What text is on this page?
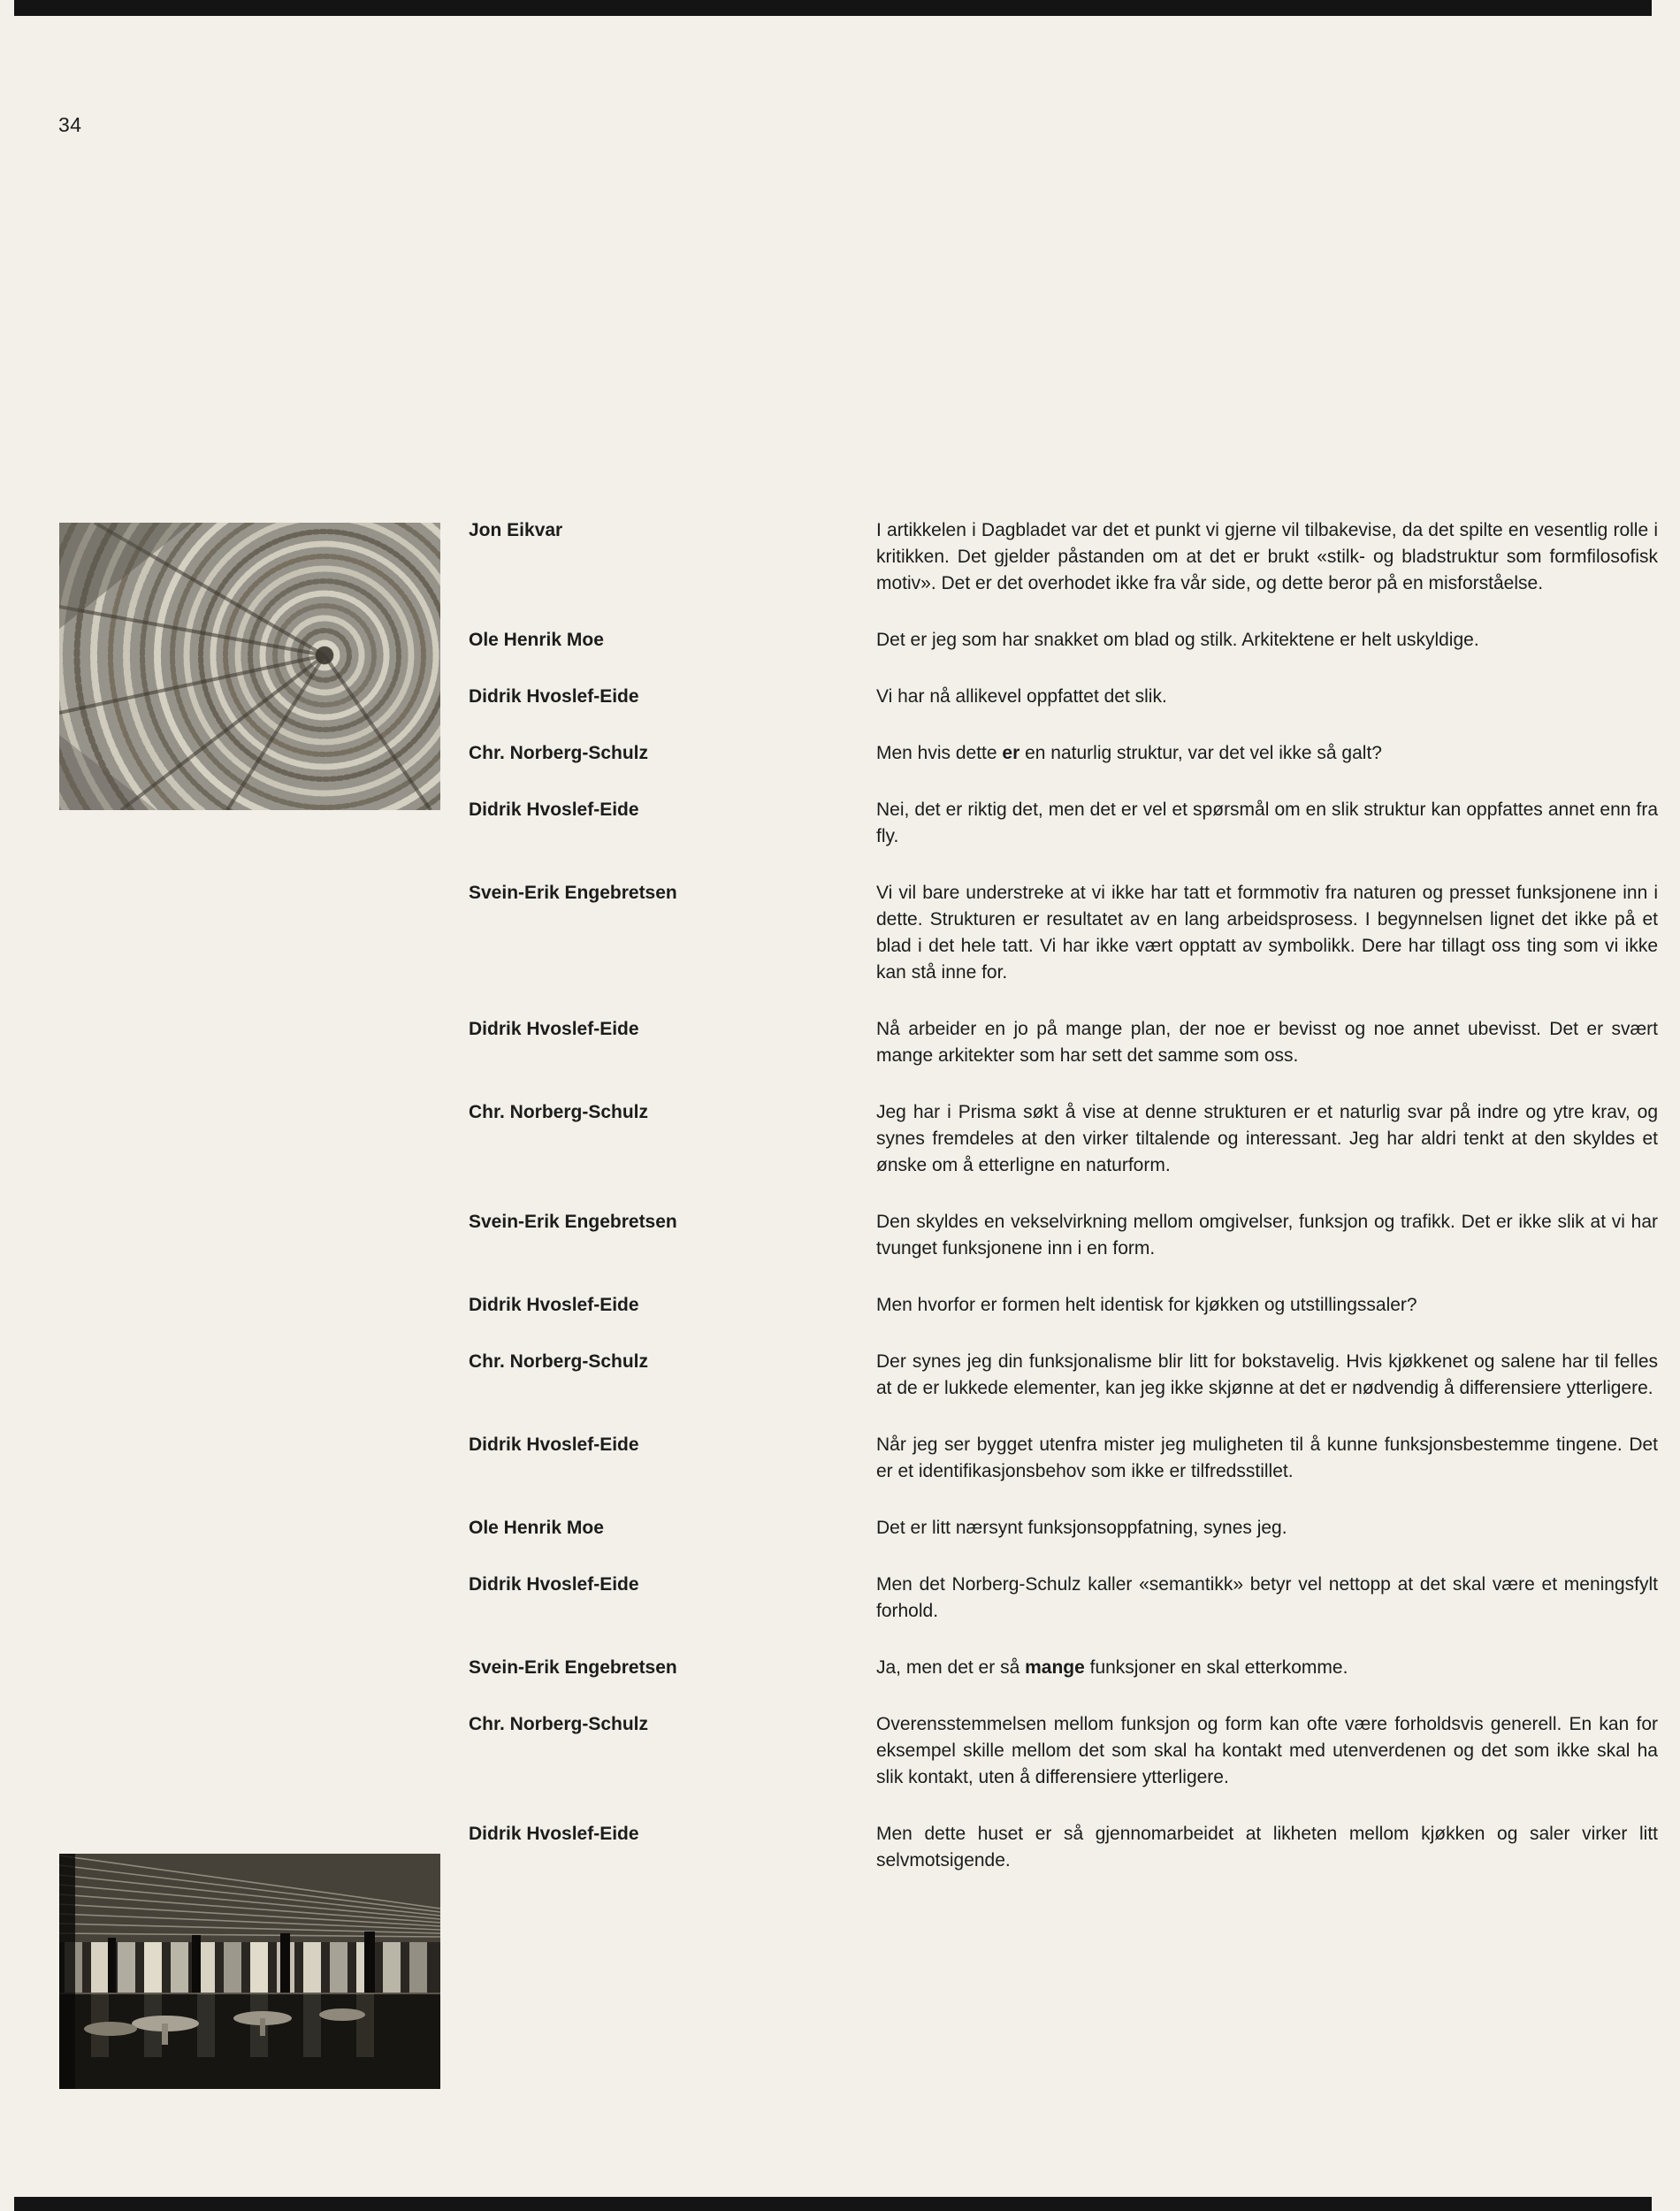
34
Jon Eikvar	I artikkelen i Dagbladet var det et punkt vi gjerne vil tilbakevise, da det spilte en vesentlig rolle i kritikken. Det gjelder påstanden om at det er brukt «stilk- og bladstruktur som formfilosofisk motiv». Det er det overhodet ikke fra vår side, og dette beror på en misforståelse.
Ole Henrik Moe	Det er jeg som har snakket om blad og stilk. Arkitektene er helt uskyldige.
Didrik Hvoslef-Eide	Vi har nå allikevel oppfattet det slik.
Chr. Norberg-Schulz	Men hvis dette er en naturlig struktur, var det vel ikke så galt?
Didrik Hvoslef-Eide	Nei, det er riktig det, men det er vel et spørsmål om en slik struktur kan oppfattes annet enn fra fly.
Svein-Erik Engebretsen	Vi vil bare understreke at vi ikke har tatt et formmotiv fra naturen og presset funksjonene inn i dette. Strukturen er resultatet av en lang arbeidsprosess. I begynnelsen lignet det ikke på et blad i det hele tatt. Vi har ikke vært opptatt av symbolikk. Dere har tillagt oss ting som vi ikke kan stå inne for.
Didrik Hvoslef-Eide	Nå arbeider en jo på mange plan, der noe er bevisst og noe annet ubevisst. Det er svært mange arkitekter som har sett det samme som oss.
Chr. Norberg-Schulz	Jeg har i Prisma søkt å vise at denne strukturen er et naturlig svar på indre og ytre krav, og synes fremdeles at den virker tiltalende og interessant. Jeg har aldri tenkt at den skyldes et ønske om å etterligne en naturform.
Svein-Erik Engebretsen	Den skyldes en vekselvirkning mellom omgivelser, funksjon og trafikk. Det er ikke slik at vi har tvunget funksjonene inn i en form.
Didrik Hvoslef-Eide	Men hvorfor er formen helt identisk for kjøkken og utstillingssaler?
Chr. Norberg-Schulz	Der synes jeg din funksjonalisme blir litt for bokstavelig. Hvis kjøkkenet og salene har til felles at de er lukkede elementer, kan jeg ikke skjønne at det er nødvendig å differensiere ytterligere.
Didrik Hvoslef-Eide	Når jeg ser bygget utenfra mister jeg muligheten til å kunne funksjonsbestemme tingene. Det er et identifikasjonsbehov som ikke er tilfredsstillet.
Ole Henrik Moe	Det er litt nærsynt funksjonsoppfatning, synes jeg.
Didrik Hvoslef-Eide	Men det Norberg-Schulz kaller «semantikk» betyr vel nettopp at det skal være et meningsfylt forhold.
Svein-Erik Engebretsen	Ja, men det er så mange funksjoner en skal etterkomme.
Chr. Norberg-Schulz	Overensstemmelsen mellom funksjon og form kan ofte være forholdsvis generell. En kan for eksempel skille mellom det som skal ha kontakt med utenverdenen og det som ikke skal ha slik kontakt, uten å differensiere ytterligere.
Didrik Hvoslef-Eide	Men dette huset er så gjennomarbeidet at likheten mellom kjøkken og saler virker litt selvmotsigende.
